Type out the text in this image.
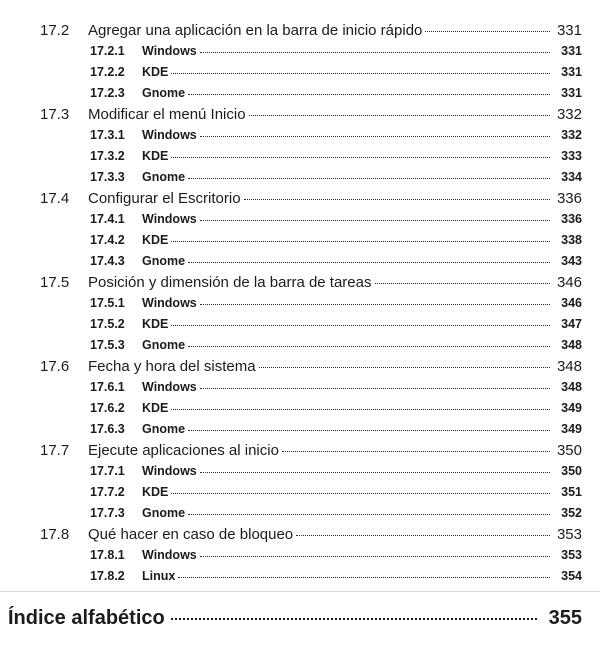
17.2	Agregar una aplicación en la barra de inicio rápido	331
17.2.1	Windows	331
17.2.2	KDE	331
17.2.3	Gnome	331
17.3	Modificar el menú Inicio	332
17.3.1	Windows	332
17.3.2	KDE	333
17.3.3	Gnome	334
17.4	Configurar el Escritorio	336
17.4.1	Windows	336
17.4.2	KDE	338
17.4.3	Gnome	343
17.5	Posición y dimensión de la barra de tareas	346
17.5.1	Windows	346
17.5.2	KDE	347
17.5.3	Gnome	348
17.6	Fecha y hora del sistema	348
17.6.1	Windows	348
17.6.2	KDE	349
17.6.3	Gnome	349
17.7	Ejecute aplicaciones al inicio	350
17.7.1	Windows	350
17.7.2	KDE	351
17.7.3	Gnome	352
17.8	Qué hacer en caso de bloqueo	353
17.8.1	Windows	353
17.8.2	Linux	354
Índice alfabético	355
